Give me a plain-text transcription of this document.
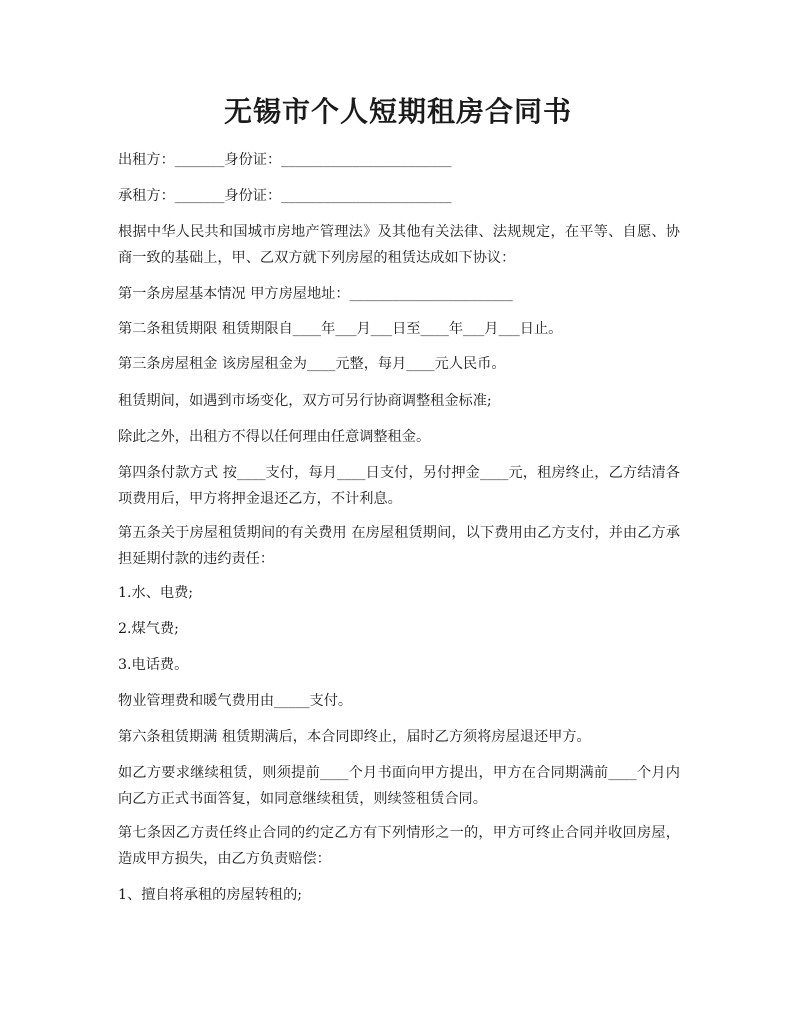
无锡市个人短期租房合同书

出租方：_______身份证：________________________

承租方：_______身份证：________________________

根据中华人民共和国城市房地产管理法》及其他有关法律、法规规定，在平等、自愿、协商一致的基础上，甲、乙双方就下列房屋的租赁达成如下协议：

第一条房屋基本情况 甲方房屋地址：_______________________

第二条租赁期限 租赁期限自____年___月___日至____年___月___日止。

第三条房屋租金 该房屋租金为____元整，每月____元人民币。

租赁期间，如遇到市场变化，双方可另行协商调整租金标准;

除此之外，出租方不得以任何理由任意调整租金。

第四条付款方式 按____支付，每月____日支付，另付押金____元，租房终止，乙方结清各项费用后，甲方将押金退还乙方，不计利息。

第五条关于房屋租赁期间的有关费用 在房屋租赁期间，以下费用由乙方支付，并由乙方承担延期付款的违约责任：

1.水、电费;

2.煤气费;

3.电话费。

物业管理费和暖气费用由_____支付。

第六条租赁期满 租赁期满后，本合同即终止，届时乙方须将房屋退还甲方。

如乙方要求继续租赁，则须提前____个月书面向甲方提出，甲方在合同期满前____个月内向乙方正式书面答复，如同意继续租赁，则续签租赁合同。

第七条因乙方责任终止合同的约定乙方有下列情形之一的，甲方可终止合同并收回房屋，造成甲方损失，由乙方负责赔偿：

1、擅自将承租的房屋转租的;
